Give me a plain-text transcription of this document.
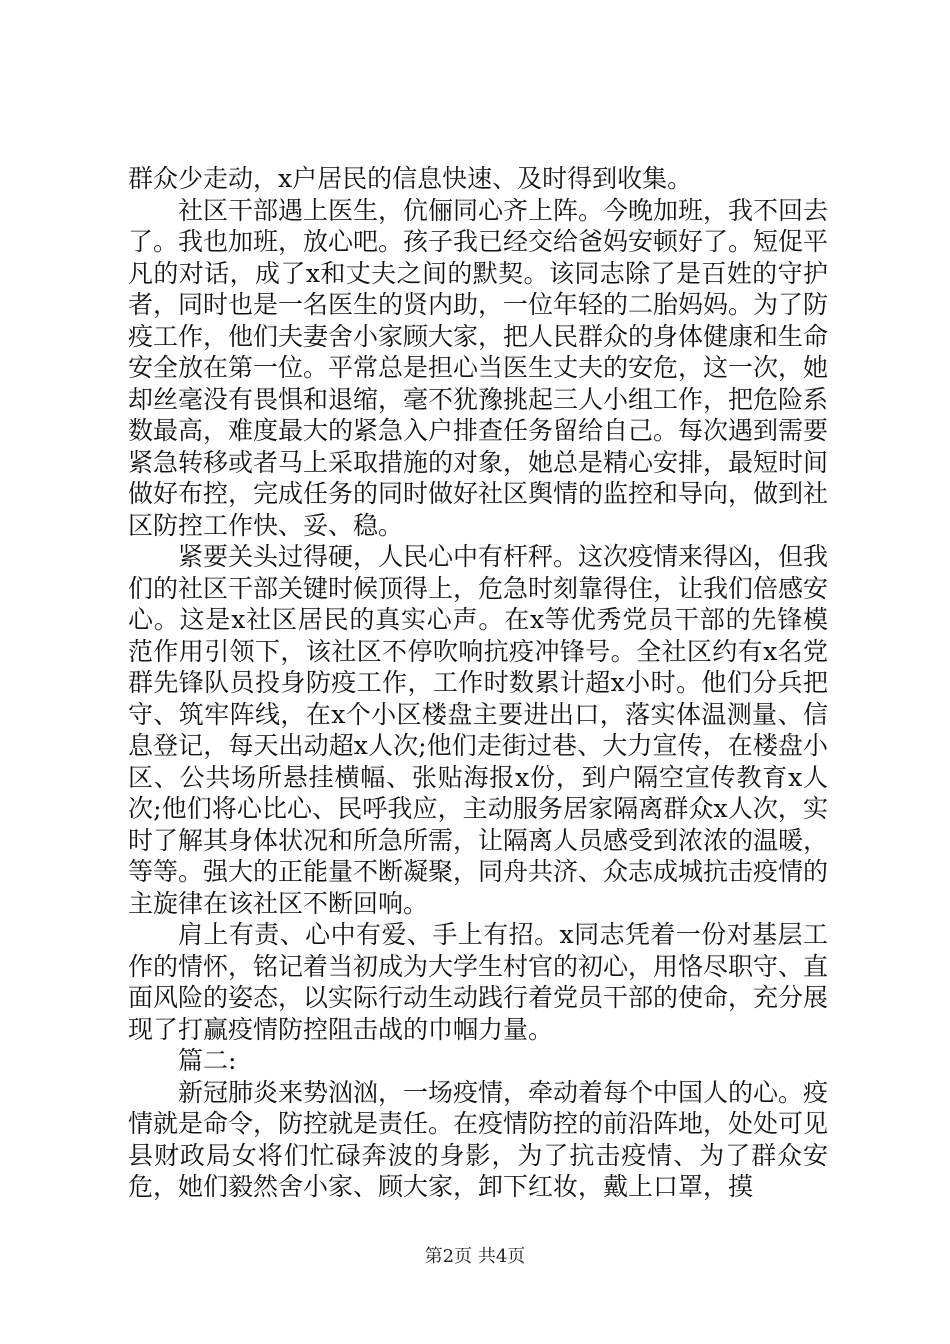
群众少走动，x户居民的信息快速、及时得到收集。

社区干部遇上医生，伉俪同心齐上阵。今晚加班，我不回去了。我也加班，放心吧。孩子我已经交给爸妈安顿好了。短促平凡的对话，成了x和丈夫之间的默契。该同志除了是百姓的守护者，同时也是一名医生的贤内助，一位年轻的二胎妈妈。为了防疫工作，他们夫妻舍小家顾大家，把人民群众的身体健康和生命安全放在第一位。平常总是担心当医生丈夫的安危，这一次，她却丝毫没有畏惧和退缩，毫不犹豫挑起三人小组工作，把危险系数最高，难度最大的紧急入户排查任务留给自己。每次遇到需要紧急转移或者马上采取措施的对象，她总是精心安排，最短时间做好布控，完成任务的同时做好社区舆情的监控和导向，做到社区防控工作快、妥、稳。

紧要关头过得硬，人民心中有杆秤。这次疫情来得凶，但我们的社区干部关键时候顶得上，危急时刻靠得住，让我们倍感安心。这是x社区居民的真实心声。在x等优秀党员干部的先锋模范作用引领下，该社区不停吹响抗疫冲锋号。全社区约有x名党群先锋队员投身防疫工作，工作时数累计超x小时。他们分兵把守、筑牢阵线，在x个小区楼盘主要进出口，落实体温测量、信息登记，每天出动超x人次;他们走街过巷、大力宣传，在楼盘小区、公共场所悬挂横幅、张贴海报x份，到户隔空宣传教育x人次;他们将心比心、民呼我应，主动服务居家隔离群众x人次，实时了解其身体状况和所急所需，让隔离人员感受到浓浓的温暖，等等。强大的正能量不断凝聚，同舟共济、众志成城抗击疫情的主旋律在该社区不断回响。

肩上有责、心中有爱、手上有招。x同志凭着一份对基层工作的情怀，铭记着当初成为大学生村官的初心，用恪尽职守、直面风险的姿态，以实际行动生动践行着党员干部的使命，充分展现了打赢疫情防控阻击战的巾帼力量。

篇二:

新冠肺炎来势汹汹，一场疫情，牵动着每个中国人的心。疫情就是命令，防控就是责任。在疫情防控的前沿阵地，处处可见县财政局女将们忙碌奔波的身影，为了抗击疫情、为了群众安危，她们毅然舍小家、顾大家，卸下红妆，戴上口罩，摸

第2页 共4页
